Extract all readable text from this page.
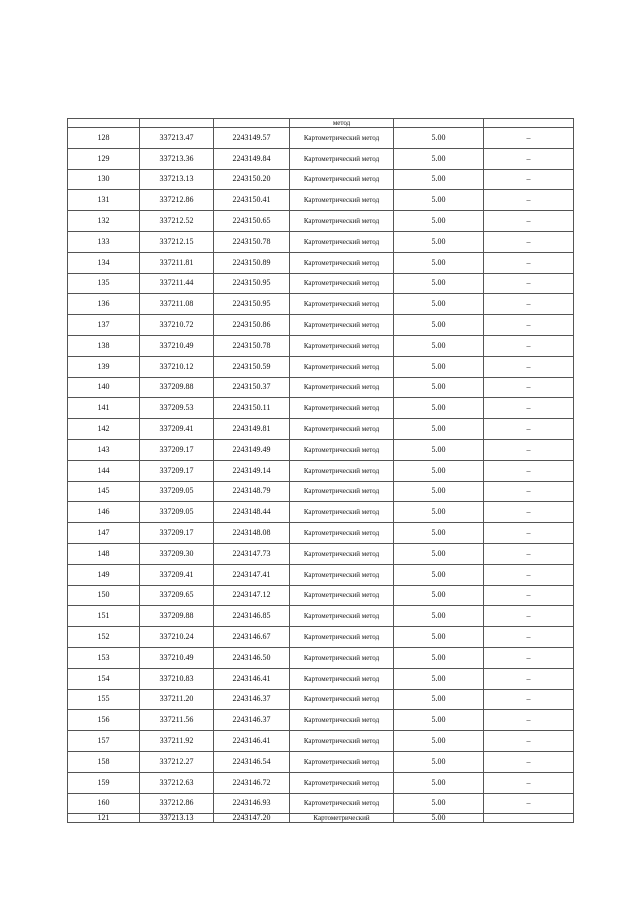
			метод		
128	337213.47	2243149.57	Картометрический метод	5.00	–
129	337213.36	2243149.84	Картометрический метод	5.00	–
130	337213.13	2243150.20	Картометрический метод	5.00	–
131	337212.86	2243150.41	Картометрический метод	5.00	–
132	337212.52	2243150.65	Картометрический метод	5.00	–
133	337212.15	2243150.78	Картометрический метод	5.00	–
134	337211.81	2243150.89	Картометрический метод	5.00	–
135	337211.44	2243150.95	Картометрический метод	5.00	–
136	337211.08	2243150.95	Картометрический метод	5.00	–
137	337210.72	2243150.86	Картометрический метод	5.00	–
138	337210.49	2243150.78	Картометрический метод	5.00	–
139	337210.12	2243150.59	Картометрический метод	5.00	–
140	337209.88	2243150.37	Картометрический метод	5.00	–
141	337209.53	2243150.11	Картометрический метод	5.00	–
142	337209.41	2243149.81	Картометрический метод	5.00	–
143	337209.17	2243149.49	Картометрический метод	5.00	–
144	337209.17	2243149.14	Картометрический метод	5.00	–
145	337209.05	2243148.79	Картометрический метод	5.00	–
146	337209.05	2243148.44	Картометрический метод	5.00	–
147	337209.17	2243148.08	Картометрический метод	5.00	–
148	337209.30	2243147.73	Картометрический метод	5.00	–
149	337209.41	2243147.41	Картометрический метод	5.00	–
150	337209.65	2243147.12	Картометрический метод	5.00	–
151	337209.88	2243146.85	Картометрический метод	5.00	–
152	337210.24	2243146.67	Картометрический метод	5.00	–
153	337210.49	2243146.50	Картометрический метод	5.00	–
154	337210.83	2243146.41	Картометрический метод	5.00	–
155	337211.20	2243146.37	Картометрический метод	5.00	–
156	337211.56	2243146.37	Картометрический метод	5.00	–
157	337211.92	2243146.41	Картометрический метод	5.00	–
158	337212.27	2243146.54	Картометрический метод	5.00	–
159	337212.63	2243146.72	Картометрический метод	5.00	–
160	337212.86	2243146.93	Картометрический метод	5.00	–
121	337213.13	2243147.20	Картометрический	5.00	
